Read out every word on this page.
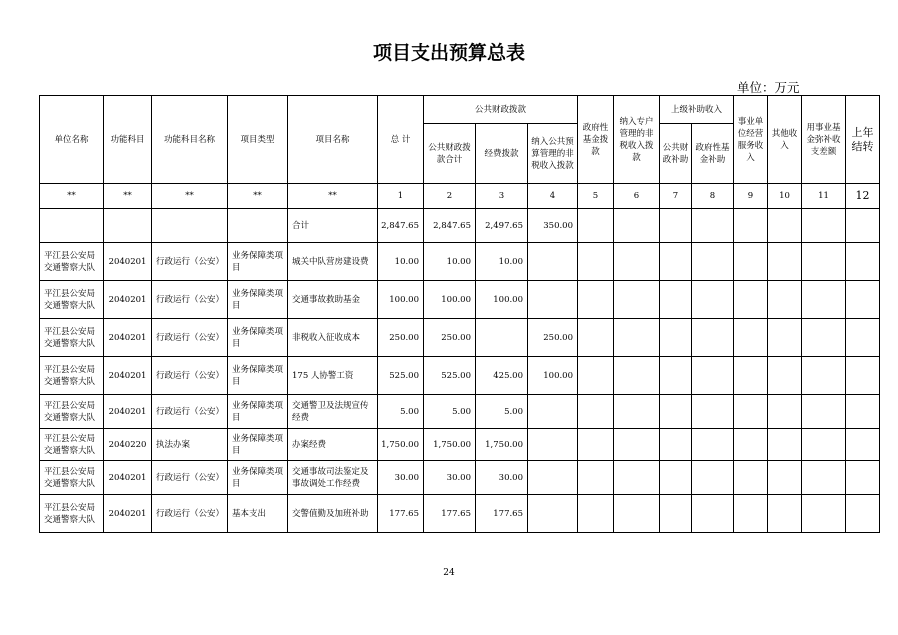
项目支出预算总表
单位：万元
单位名称	功能科目	功能科目名称	项目类型	项目名称	总 计	公共财政拨款			政府性基金拨款	纳入专户管理的非税收入拨款	上级补助收入		事业单位经营服务收入	其他收入	用事业基金弥补收支差额	上年结转
						公共财政拨款合计	经费拨款	纳入公共预算管理的非税收入拨款			公共财政补助	政府性基金补助				
**	**	**	**	**	1	2	3	4	5	6	7	8	9	10	11	12
				合计	2,847.65	2,847.65	2,497.65	350.00								
平江县公安局交通警察大队	2040201	行政运行（公安）	业务保障类项目	城关中队营房建设费	10.00	10.00	10.00									
平江县公安局交通警察大队	2040201	行政运行（公安）	业务保障类项目	交通事故救助基金	100.00	100.00	100.00									
平江县公安局交通警察大队	2040201	行政运行（公安）	业务保障类项目	非税收入征收成本	250.00	250.00		250.00								
平江县公安局交通警察大队	2040201	行政运行（公安）	业务保障类项目	175 人协警工资	525.00	525.00	425.00	100.00								
平江县公安局交通警察大队	2040201	行政运行（公安）	业务保障类项目	交通警卫及法规宣传经费	5.00	5.00	5.00									
平江县公安局交通警察大队	2040220	执法办案	业务保障类项目	办案经费	1,750.00	1,750.00	1,750.00									
平江县公安局交通警察大队	2040201	行政运行（公安）	业务保障类项目	交通事故司法鉴定及事故调处工作经费	30.00	30.00	30.00									
平江县公安局交通警察大队	2040201	行政运行（公安）	基本支出	交警值勤及加班补助	177.65	177.65	177.65									
24
